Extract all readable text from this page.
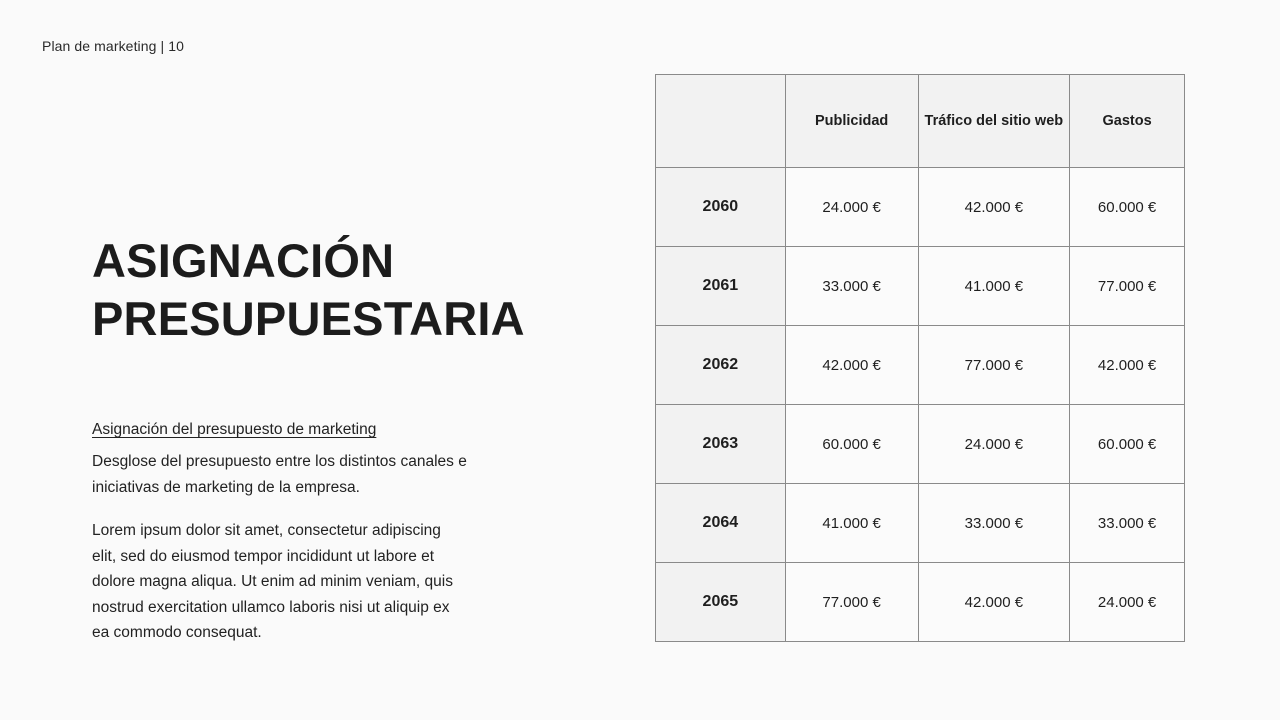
Plan de marketing | 10
ASIGNACIÓN
PRESUPUESTARIA
Asignación del presupuesto de marketing

Desglose del presupuesto entre los distintos canales e iniciativas de marketing de la empresa.

Lorem ipsum dolor sit amet, consectetur adipiscing elit, sed do eiusmod tempor incididunt ut labore et dolore magna aliqua. Ut enim ad minim veniam, quis nostrud exercitation ullamco laboris nisi ut aliquip ex ea commodo consequat.

	Publicidad	Tráfico del sitio web	Gastos
2060	24.000 €	42.000 €	60.000 €
2061	33.000 €	41.000 €	77.000 €
2062	42.000 €	77.000 €	42.000 €
2063	60.000 €	24.000 €	60.000 €
2064	41.000 €	33.000 €	33.000 €
2065	77.000 €	42.000 €	24.000 €
